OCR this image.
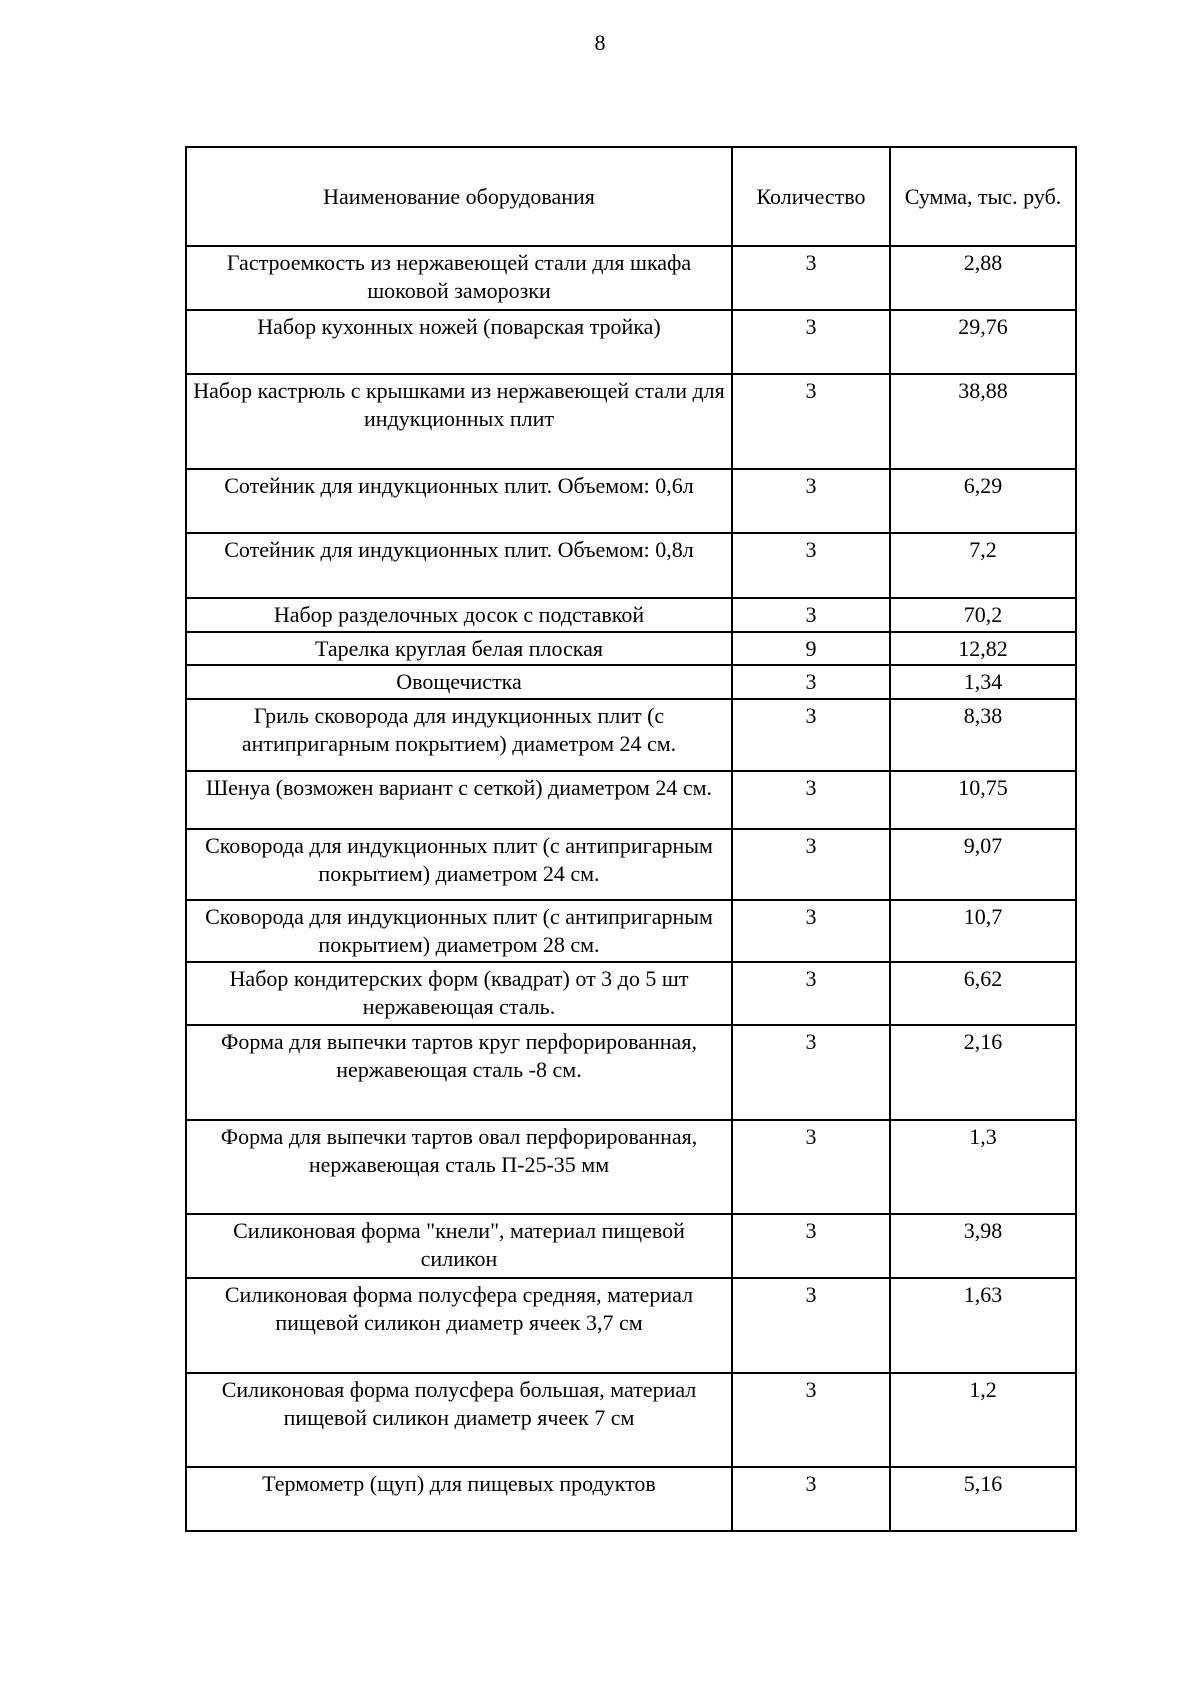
8
Наименование оборудования	Количество	Сумма, тыс. руб.
Гастроемкость из нержавеющей стали для шкафа шоковой заморозки	3	2,88
Набор кухонных ножей (поварская тройка)	3	29,76
Набор кастрюль с крышками из нержавеющей стали для индукционных плит	3	38,88
Сотейник для индукционных плит. Объемом: 0,6л	3	6,29
Сотейник для индукционных плит. Объемом: 0,8л	3	7,2
Набор разделочных досок с подставкой	3	70,2
Тарелка круглая белая плоская	9	12,82
Овощечистка	3	1,34
Гриль сковорода для индукционных плит (с антипригарным покрытием) диаметром 24 см.	3	8,38
Шенуа (возможен вариант с сеткой) диаметром 24 см.	3	10,75
Сковорода для индукционных плит (с антипригарным покрытием) диаметром 24 см.	3	9,07
Сковорода для индукционных плит (с антипригарным покрытием) диаметром 28 см.	3	10,7
Набор кондитерских форм (квадрат) от 3 до 5 шт нержавеющая сталь.	3	6,62
Форма для выпечки тартов круг перфорированная, нержавеющая сталь -8 см.	3	2,16
Форма для выпечки тартов овал перфорированная, нержавеющая сталь П-25-35 мм	3	1,3
Силиконовая форма "кнели", материал пищевой силикон	3	3,98
Силиконовая форма полусфера средняя, материал пищевой силикон диаметр ячеек 3,7 см	3	1,63
Силиконовая форма полусфера большая, материал пищевой силикон диаметр ячеек 7 см	3	1,2
Термометр (щуп) для пищевых продуктов	3	5,16
